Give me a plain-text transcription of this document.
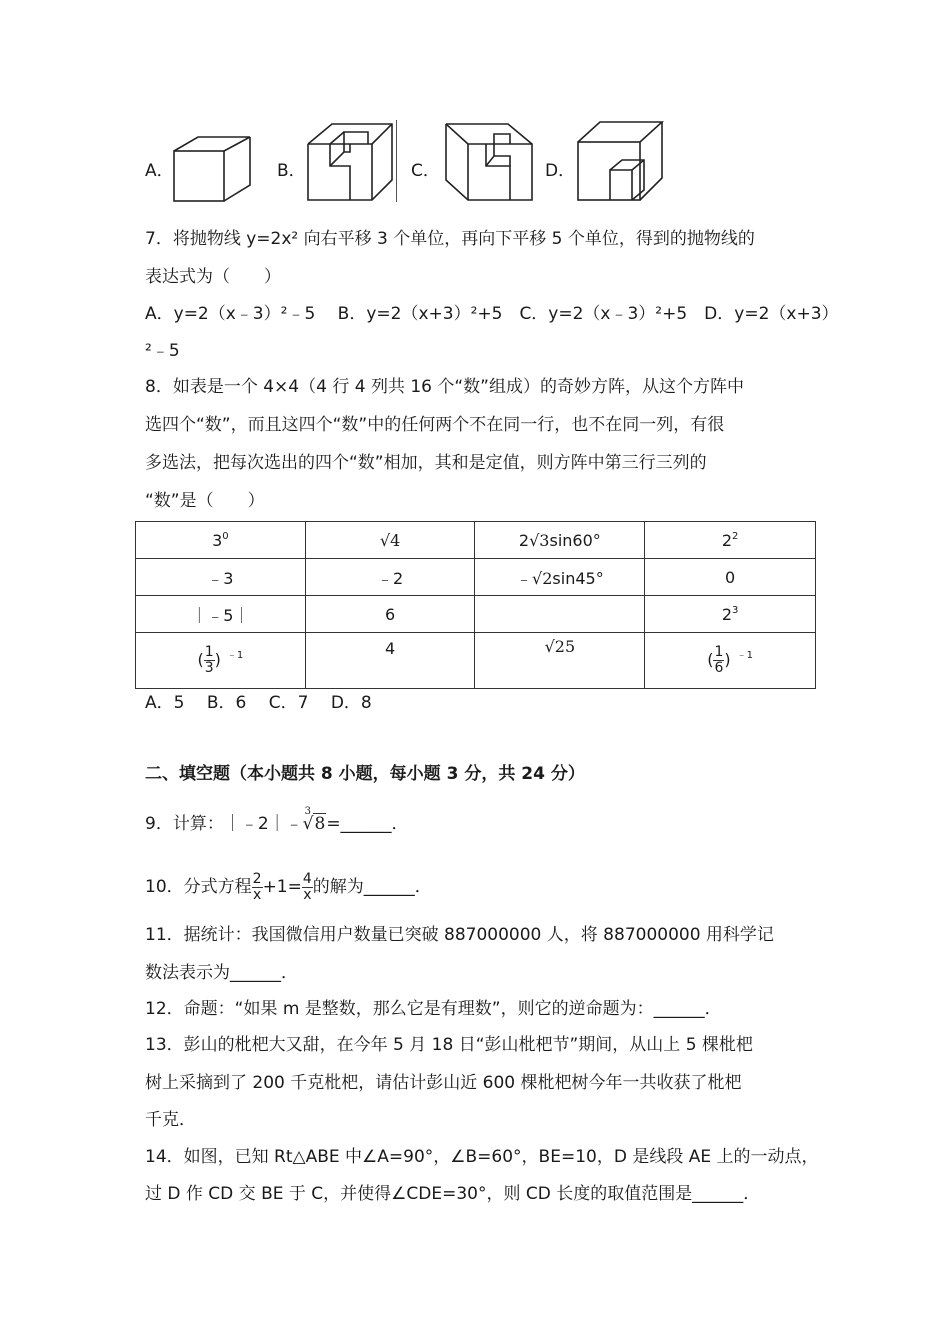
A．	B．	C．	D．
7．将抛物线 y=2x² 向右平移 3 个单位，再向下平移 5 个单位，得到的抛物线的
表达式为（　　）
A．y=2（x﹣3）²﹣5　 B．y=2（x+3）²+5　C．y=2（x﹣3）²+5　D．y=2（x+3）
²﹣5
8．如表是一个 4×4（4 行 4 列共 16 个“数”组成）的奇妙方阵，从这个方阵中
选四个“数”，而且这四个“数”中的任何两个不在同一行，也不在同一列，有很
多选法，把每次选出的四个“数”相加，其和是定值，则方阵中第三行三列的
“数”是（　　）
$3^0$	√4	2√3sin60°	$2^2$
﹣3	﹣2	﹣√2sin45°	0
｜﹣5｜	6		$2^3$
( $\frac{1}{3}$ ) $^{﹣1}$	4	√25	( $\frac{1}{6}$ ) $^{﹣1}$
A．5　 B．6　 C．7　 D．8
二、填空题（本小题共 8 小题，每小题 3 分，共 24 分）
9．计算：｜﹣2｜﹣
3
√8=______．
10．分式方程 $\frac{2}{x} +1= \frac{4}{x}$ 的解为______．
11．据统计：我国微信用户数量已突破 887000000 人，将 887000000 用科学记
数法表示为______．
12．命题：“如果 m 是整数，那么它是有理数”，则它的逆命题为：______．
13．彭山的枇杷大又甜，在今年 5 月 18 日“彭山枇杷节”期间，从山上 5 棵枇杷
树上采摘到了 200 千克枇杷，请估计彭山近 600 棵枇杷树今年一共收获了枇杷
千克．
14．如图，已知 Rt△ABE 中∠A=90°，∠B=60°，BE=10，D 是线段 AE 上的一动点，
过 D 作 CD 交 BE 于 C，并使得∠CDE=30°，则 CD 长度的取值范围是______．
